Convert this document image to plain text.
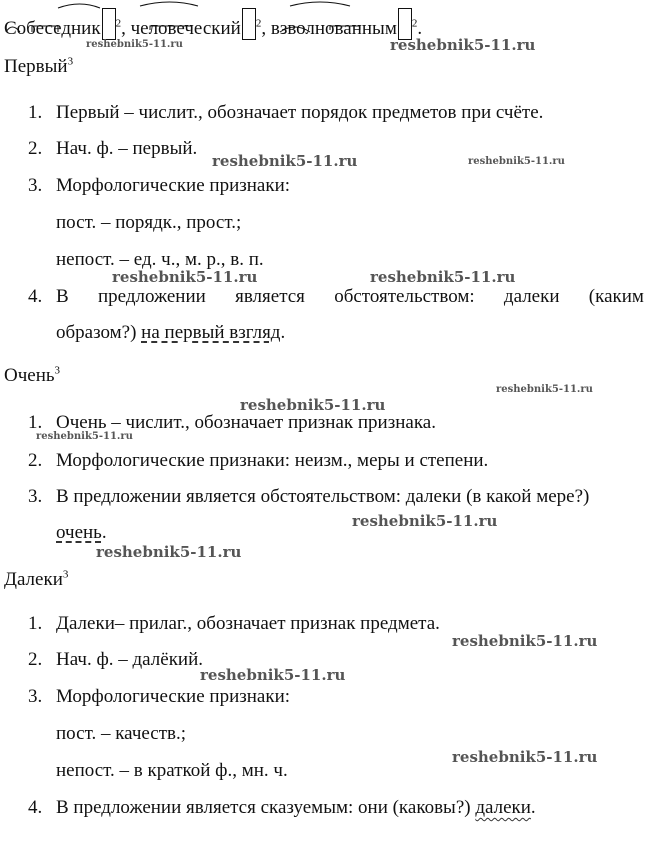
Собеседник $^2$, человеческий $^2$, взволнованным $^2$.
reshebnik5-11.ru	reshebnik5-11.ru
reshebnik5-11.ru	reshebnik5-11.ru
reshebnik5-11.ru	reshebnik5-11.ru
reshebnik5-11.ru
reshebnik5-11.ru
reshebnik5-11.ru
reshebnik5-11.ru
reshebnik5-11.ru
reshebnik5-11.ru
reshebnik5-11.ru
reshebnik5-11.ru
Первый$^3$
1. Первый – числит., обозначает порядок предметов при счёте.
2. Нач. ф. – первый.
3. Морфологические признаки:
пост. – порядк., прост.;
непост. – ед. ч., м. р., в. п.
4. В предложении является обстоятельством: далеки (каким
образом?) на первый взгляд.
Очень$^3$
1. Очень – числит., обозначает признак признака.
2. Морфологические признаки: неизм., меры и степени.
3. В предложении является обстоятельством: далеки (в какой мере?)
очень.
Далеки$^3$
1. Далеки– прилаг., обозначает признак предмета.
2. Нач. ф. – далёкий.
3. Морфологические признаки:
пост. – качеств.;
непост. – в краткой ф., мн. ч.
4. В предложении является сказуемым: они (каковы?) далеки.
